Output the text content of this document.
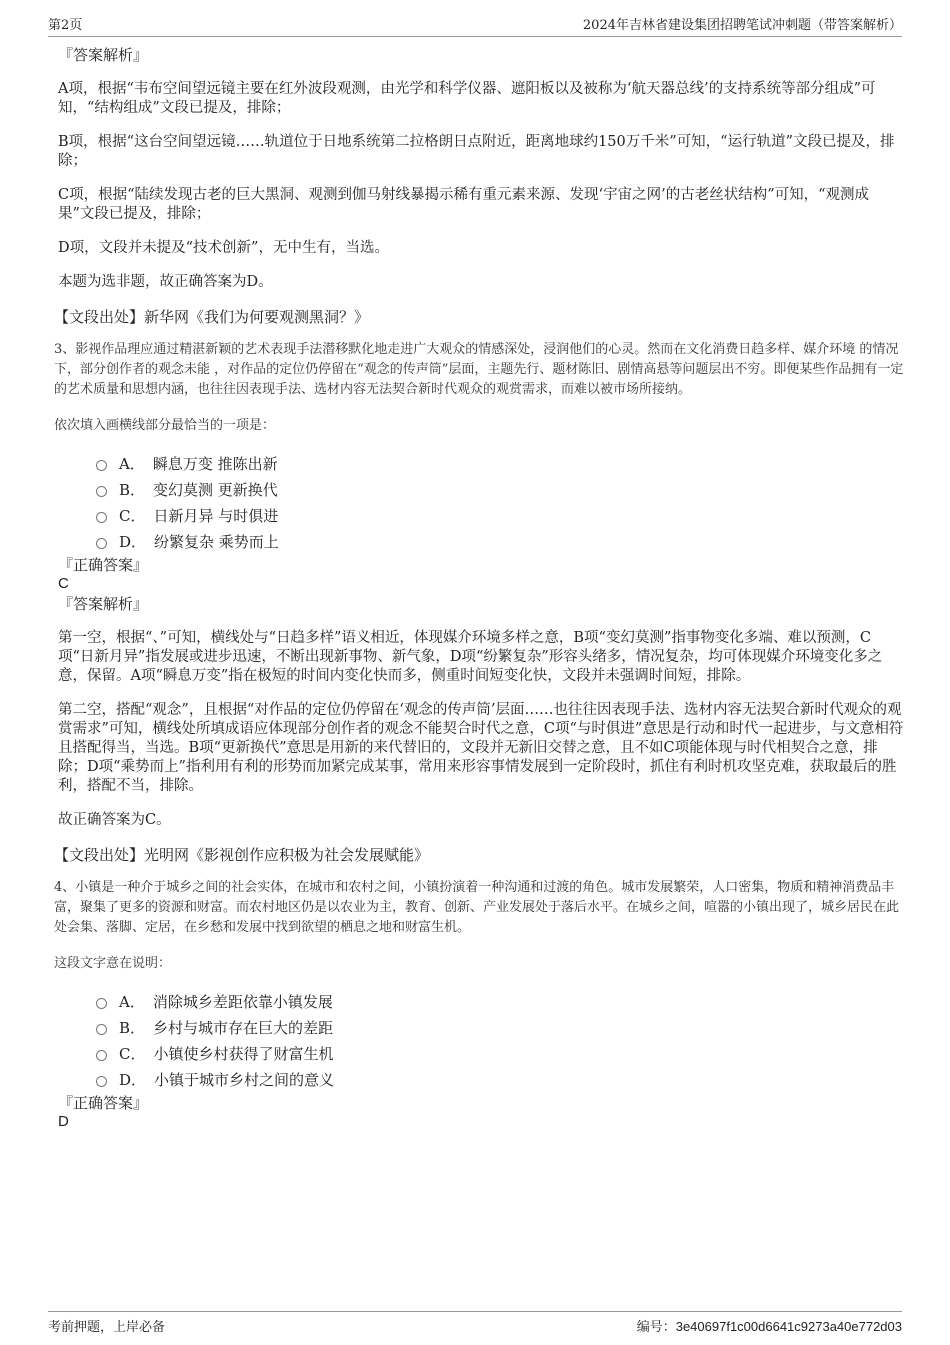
第2页	2024年吉林省建设集团招聘笔试冲刺题（带答案解析）

『答案解析』

A项，根据“韦布空间望远镜主要在红外波段观测，由光学和科学仪器、遮阳板以及被称为‘航天器总线’的支持系统等部分组成”可知，“结构组成”文段已提及，排除；

B项，根据“这台空间望远镜……轨道位于日地系统第二拉格朗日点附近，距离地球约150万千米”可知，“运行轨道”文段已提及，排除；

C项，根据“陆续发现古老的巨大黑洞、观测到伽马射线暴揭示稀有重元素来源、发现‘宇宙之网’的古老丝状结构”可知，“观测成果”文段已提及，排除；

D项，文段并未提及“技术创新”，无中生有，当选。

本题为选非题，故正确答案为D。

【文段出处】新华网《我们为何要观测黑洞？》

3、影视作品理应通过精湛新颖的艺术表现手法潜移默化地走进广大观众的情感深处，浸润他们的心灵。然而在文化消费日趋多样、媒介环境 的情况下，部分创作者的观念未能 ，对作品的定位仍停留在“观念的传声筒”层面，主题先行、题材陈旧、剧情高悬等问题层出不穷。即便某些作品拥有一定的艺术质量和思想内涵，也往往因表现手法、选材内容无法契合新时代观众的观赏需求，而难以被市场所接纳。

依次填入画横线部分最恰当的一项是：

A． 瞬息万变 推陈出新
B． 变幻莫测 更新换代
C． 日新月异 与时俱进
D． 纷繁复杂 乘势而上

『正确答案』

C

『答案解析』

第一空，根据“、”可知，横线处与“日趋多样”语义相近，体现媒介环境多样之意，B项“变幻莫测”指事物变化多端、难以预测，C项“日新月异”指发展或进步迅速，不断出现新事物、新气象，D项“纷繁复杂”形容头绪多，情况复杂，均可体现媒介环境变化多之意，保留。A项“瞬息万变”指在极短的时间内变化快而多，侧重时间短变化快，文段并未强调时间短，排除。

第二空，搭配“观念”，且根据“对作品的定位仍停留在‘观念的传声筒’层面……也往往因表现手法、选材内容无法契合新时代观众的观赏需求”可知，横线处所填成语应体现部分创作者的观念不能契合时代之意，C项“与时俱进”意思是行动和时代一起进步，与文意相符且搭配得当，当选。B项“更新换代”意思是用新的来代替旧的，文段并无新旧交替之意，且不如C项能体现与时代相契合之意，排除；D项“乘势而上”指利用有利的形势而加紧完成某事，常用来形容事情发展到一定阶段时，抓住有利时机攻坚克难，获取最后的胜利，搭配不当，排除。

故正确答案为C。

【文段出处】光明网《影视创作应积极为社会发展赋能》

4、小镇是一种介于城乡之间的社会实体，在城市和农村之间，小镇扮演着一种沟通和过渡的角色。城市发展繁荣，人口密集，物质和精神消费品丰富，聚集了更多的资源和财富。而农村地区仍是以农业为主，教育、创新、产业发展处于落后水平。在城乡之间，喧嚣的小镇出现了，城乡居民在此处会集、落脚、定居，在乡愁和发展中找到欲望的栖息之地和财富生机。

这段文字意在说明：

A． 消除城乡差距依靠小镇发展
B． 乡村与城市存在巨大的差距
C． 小镇使乡村获得了财富生机
D． 小镇于城市乡村之间的意义

『正确答案』

D

考前押题，上岸必备	编号：3e40697f1c00d6641c9273a40e772d03
